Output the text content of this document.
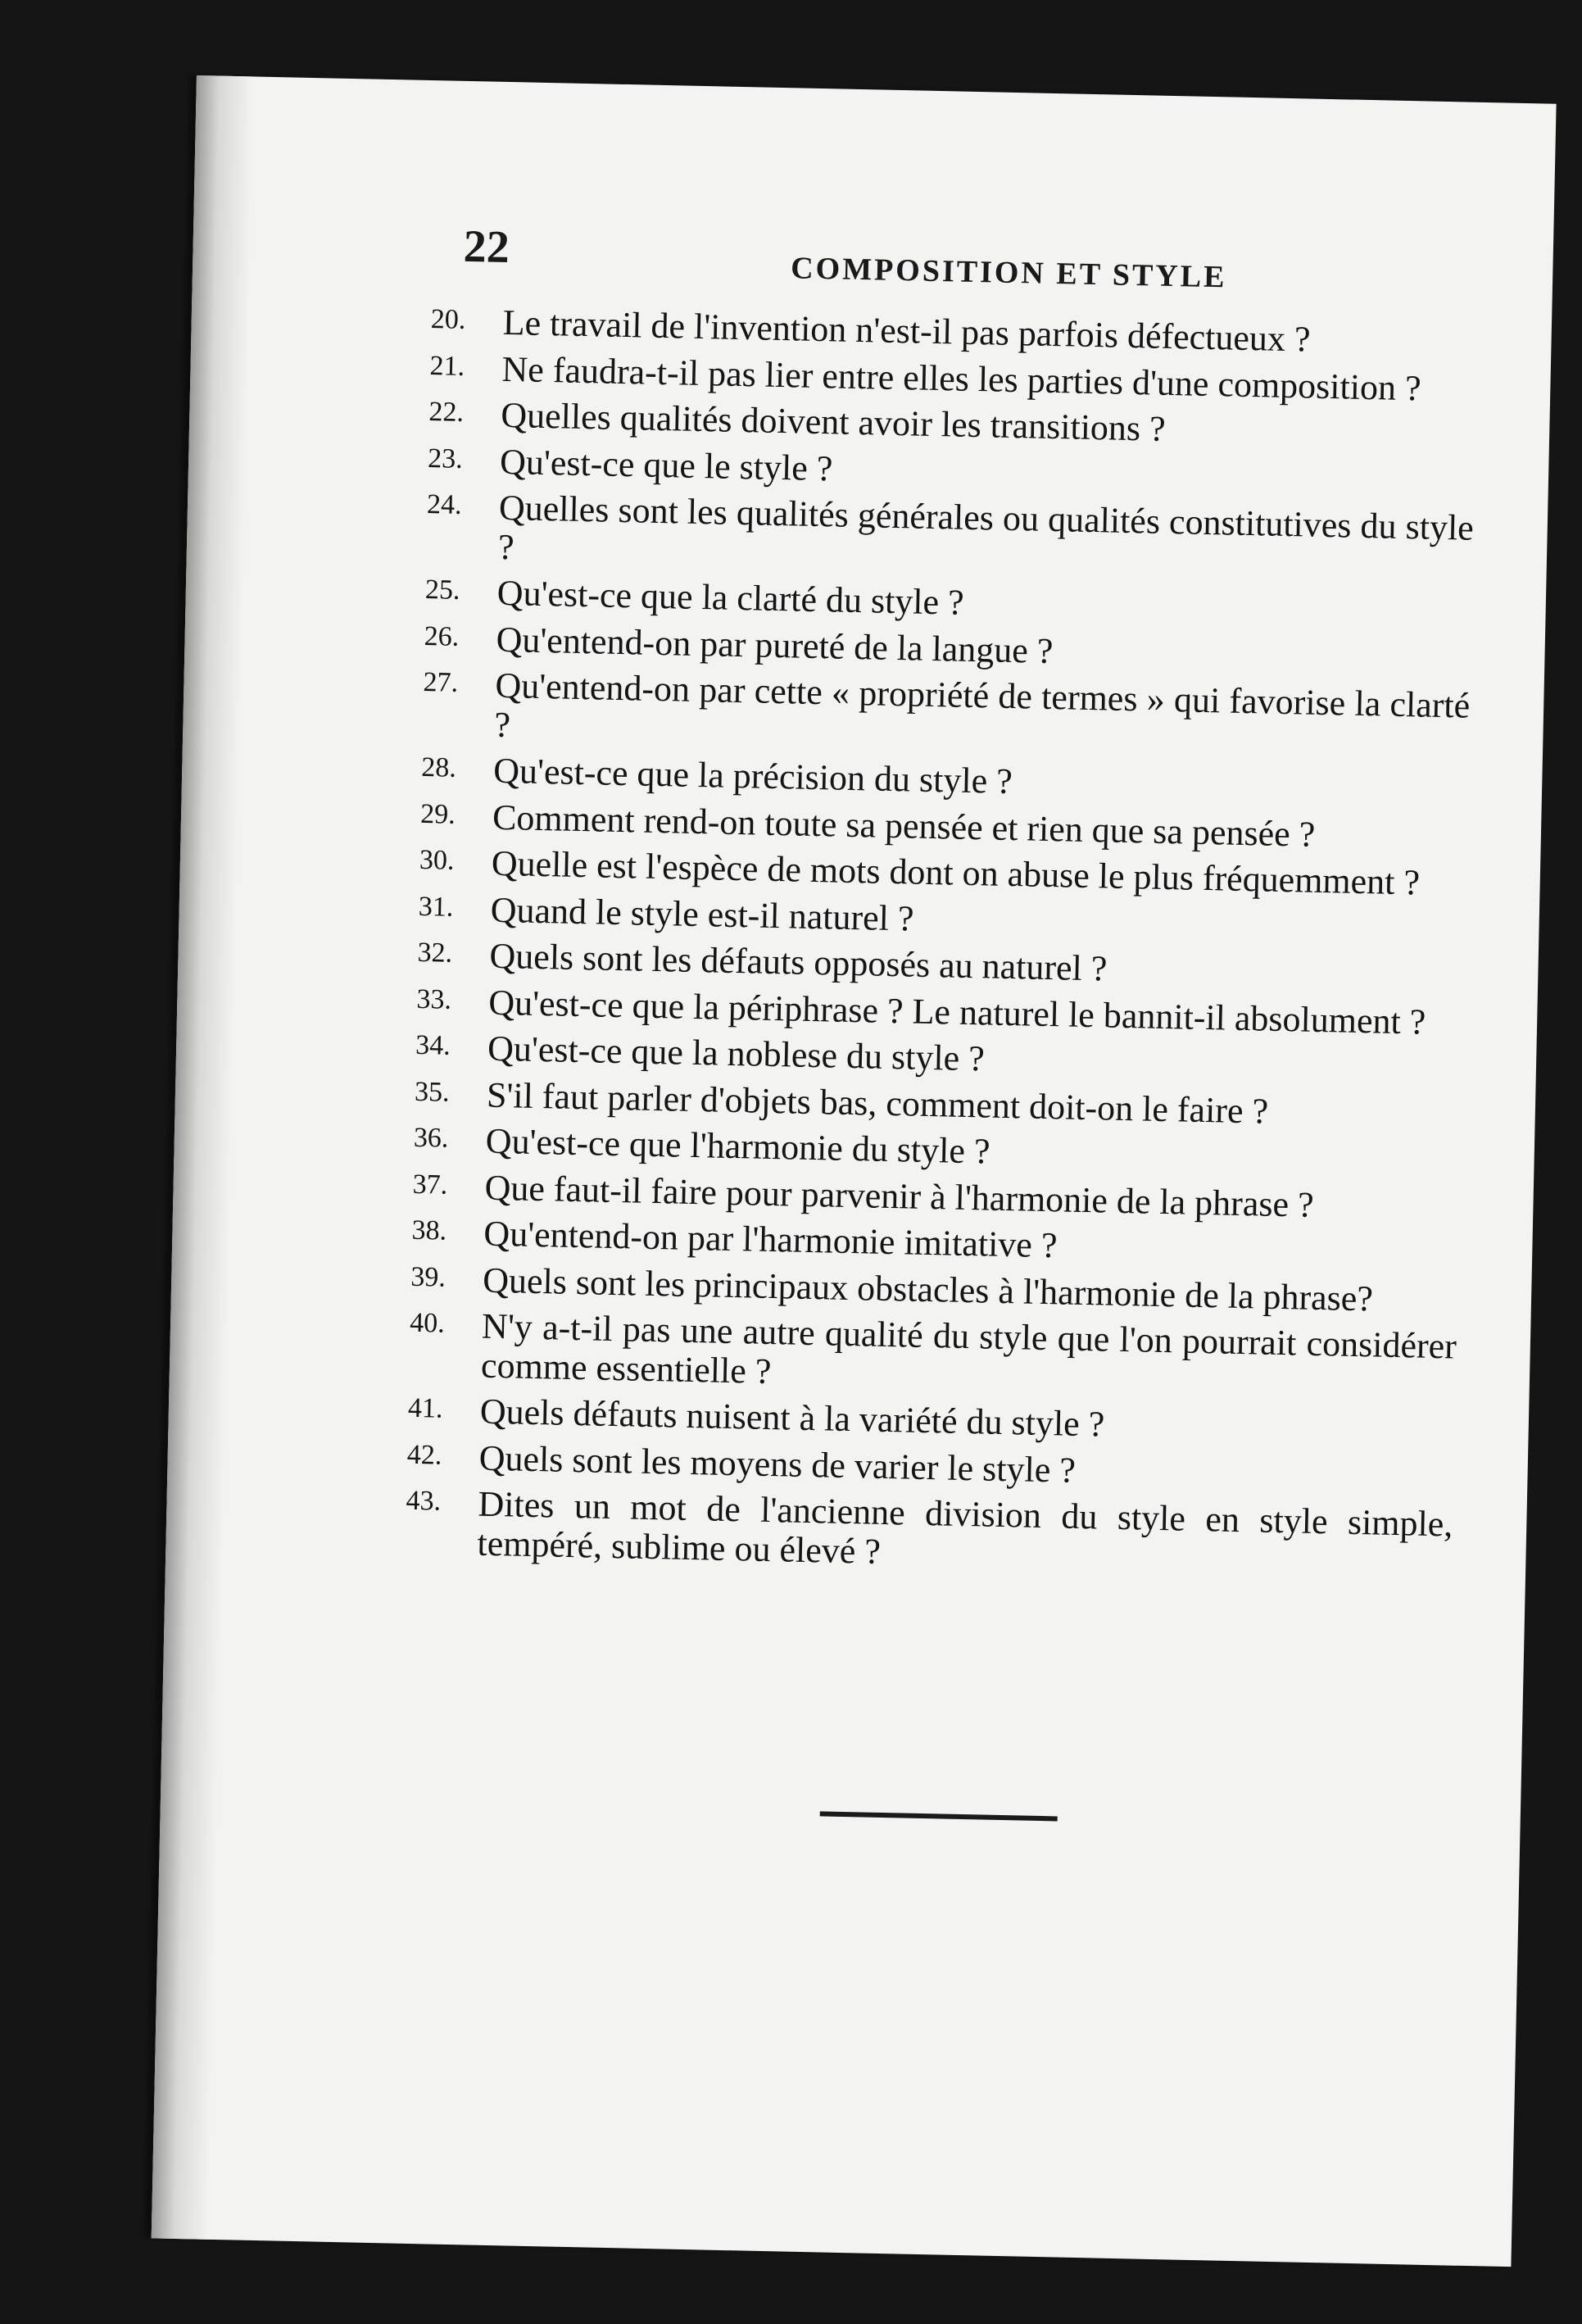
22	COMPOSITION ET STYLE
20. Le travail de l'invention n'est-il pas parfois défectueux ?
21. Ne faudra-t-il pas lier entre elles les parties d'une composition ?
22. Quelles qualités doivent avoir les transitions ?
23. Qu'est-ce que le style ?
24. Quelles sont les qualités générales ou qualités constitutives du style ?
25. Qu'est-ce que la clarté du style ?
26. Qu'entend-on par pureté de la langue ?
27. Qu'entend-on par cette « propriété de termes » qui favorise la clarté ?
28. Qu'est-ce que la précision du style ?
29. Comment rend-on toute sa pensée et rien que sa pensée ?
30. Quelle est l'espèce de mots dont on abuse le plus fréquemment ?
31. Quand le style est-il naturel ?
32. Quels sont les défauts opposés au naturel ?
33. Qu'est-ce que la périphrase ? Le naturel le bannit-il absolument ?
34. Qu'est-ce que la noblese du style ?
35. S'il faut parler d'objets bas, comment doit-on le faire ?
36. Qu'est-ce que l'harmonie du style ?
37. Que faut-il faire pour parvenir à l'harmonie de la phrase ?
38. Qu'entend-on par l'harmonie imitative ?
39. Quels sont les principaux obstacles à l'harmonie de la phrase?
40. N'y a-t-il pas une autre qualité du style que l'on pourrait considérer comme essentielle ?
41. Quels défauts nuisent à la variété du style ?
42. Quels sont les moyens de varier le style ?
43. Dites un mot de l'ancienne division du style en style simple, tempéré, sublime ou élevé ?
